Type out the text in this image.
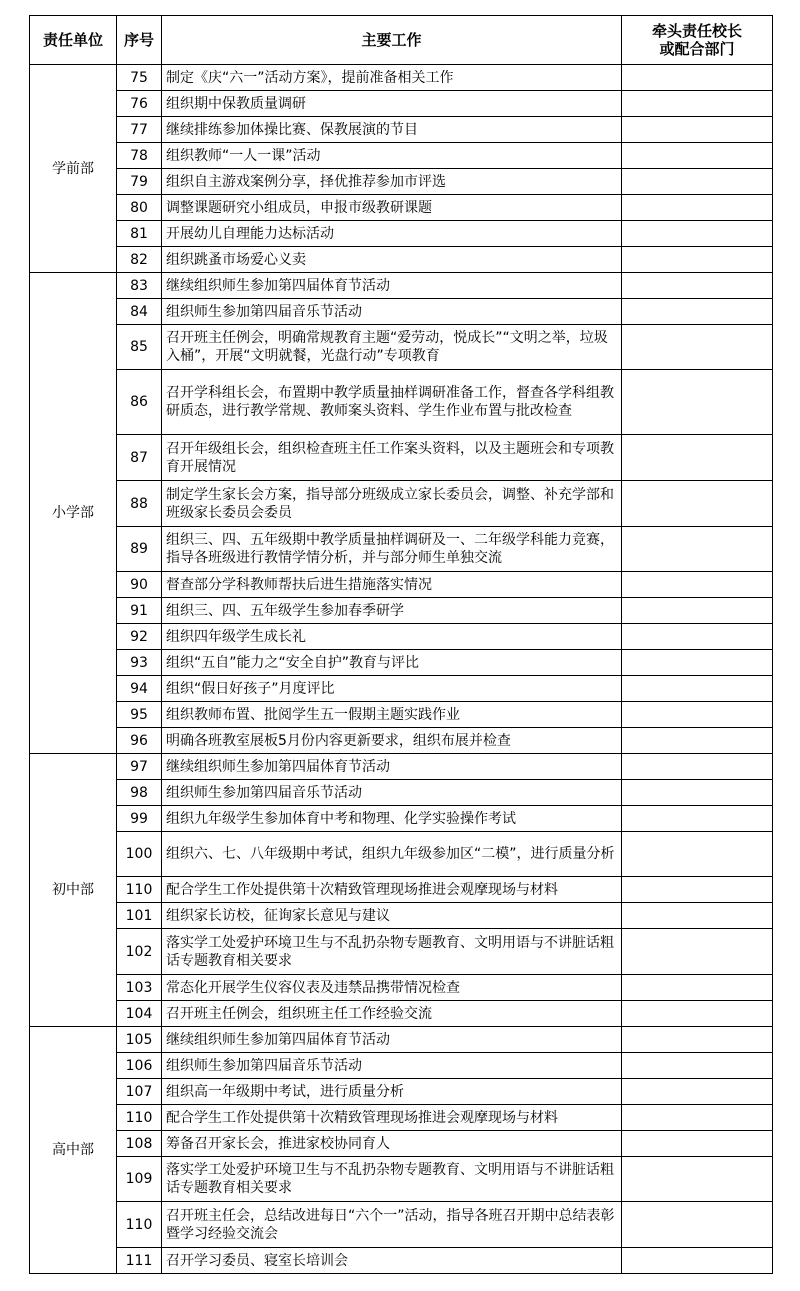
责任单位	序号	主要工作	牵头责任校长
或配合部门

学前部	75	制定《庆“六一”活动方案》，提前准备相关工作	
	76	组织期中保教质量调研	
	77	继续排练参加体操比赛、保教展演的节目	
	78	组织教师“一人一课”活动	
	79	组织自主游戏案例分享，择优推荐参加市评选	
	80	调整课题研究小组成员，申报市级教研课题	
	81	开展幼儿自理能力达标活动	
	82	组织跳蚤市场爱心义卖	
小学部	83	继续组织师生参加第四届体育节活动	
	84	组织师生参加第四届音乐节活动	
	85	召开班主任例会，明确常规教育主题“爱劳动，悦成长”“文明之举，垃圾入桶”，开展“文明就餐，光盘行动”专项教育	
	86	召开学科组长会，布置期中教学质量抽样调研准备工作，督查各学科组教研质态，进行教学常规、教师案头资料、学生作业布置与批改检查	
	87	召开年级组长会，组织检查班主任工作案头资料，以及主题班会和专项教育开展情况	
	88	制定学生家长会方案，指导部分班级成立家长委员会，调整、补充学部和班级家长委员会委员	
	89	组织三、四、五年级期中教学质量抽样调研及一、二年级学科能力竞赛，指导各班级进行教情学情分析，并与部分师生单独交流	
	90	督查部分学科教师帮扶后进生措施落实情况	
	91	组织三、四、五年级学生参加春季研学	
	92	组织四年级学生成长礼	
	93	组织“五自”能力之“安全自护”教育与评比	
	94	组织“假日好孩子”月度评比	
	95	组织教师布置、批阅学生五一假期主题实践作业	
	96	明确各班教室展板5月份内容更新要求，组织布展并检查	
初中部	97	继续组织师生参加第四届体育节活动	
	98	组织师生参加第四届音乐节活动	
	99	组织九年级学生参加体育中考和物理、化学实验操作考试	
	100	组织六、七、八年级期中考试，组织九年级参加区“二模”，进行质量分析	
	110	配合学生工作处提供第十次精致管理现场推进会观摩现场与材料	
	101	组织家长访校，征询家长意见与建议	
	102	落实学工处爱护环境卫生与不乱扔杂物专题教育、文明用语与不讲脏话粗话专题教育相关要求	
	103	常态化开展学生仪容仪表及违禁品携带情况检查	
	104	召开班主任例会，组织班主任工作经验交流	
高中部	105	继续组织师生参加第四届体育节活动	
	106	组织师生参加第四届音乐节活动	
	107	组织高一年级期中考试，进行质量分析	
	110	配合学生工作处提供第十次精致管理现场推进会观摩现场与材料	
	108	筹备召开家长会，推进家校协同育人	
	109	落实学工处爱护环境卫生与不乱扔杂物专题教育、文明用语与不讲脏话粗话专题教育相关要求	
	110	召开班主任会，总结改进每日“六个一”活动，指导各班召开期中总结表彰暨学习经验交流会	
	111	召开学习委员、寝室长培训会	
